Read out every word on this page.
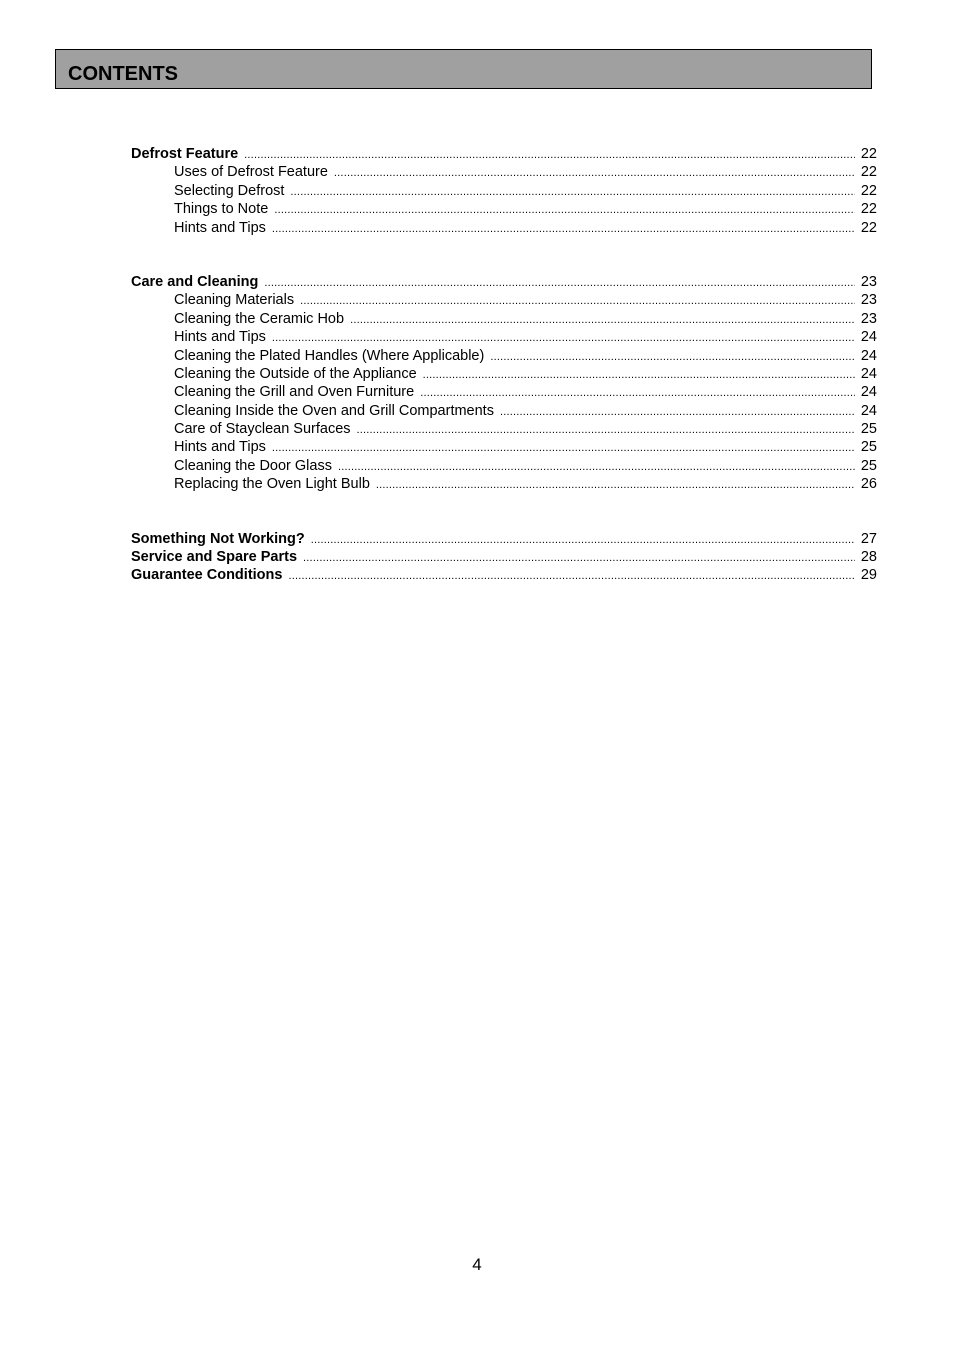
CONTENTS
Defrost Feature .....	22
Uses of Defrost Feature .....	22
Selecting Defrost .....	22
Things to Note .....	22
Hints and Tips .....	22
Care and Cleaning .....	23
Cleaning Materials .....	23
Cleaning the Ceramic Hob .....	23
Hints and Tips .....	24
Cleaning the Plated Handles (Where Applicable) .....	24
Cleaning the Outside of the Appliance .....	24
Cleaning the Grill and Oven Furniture .....	24
Cleaning Inside the Oven and Grill Compartments .....	24
Care of Stayclean Surfaces .....	25
Hints and Tips .....	25
Cleaning the Door Glass .....	25
Replacing the Oven Light Bulb .....	26
Something Not Working? .....	27
Service and Spare Parts .....	28
Guarantee Conditions .....	29
4
